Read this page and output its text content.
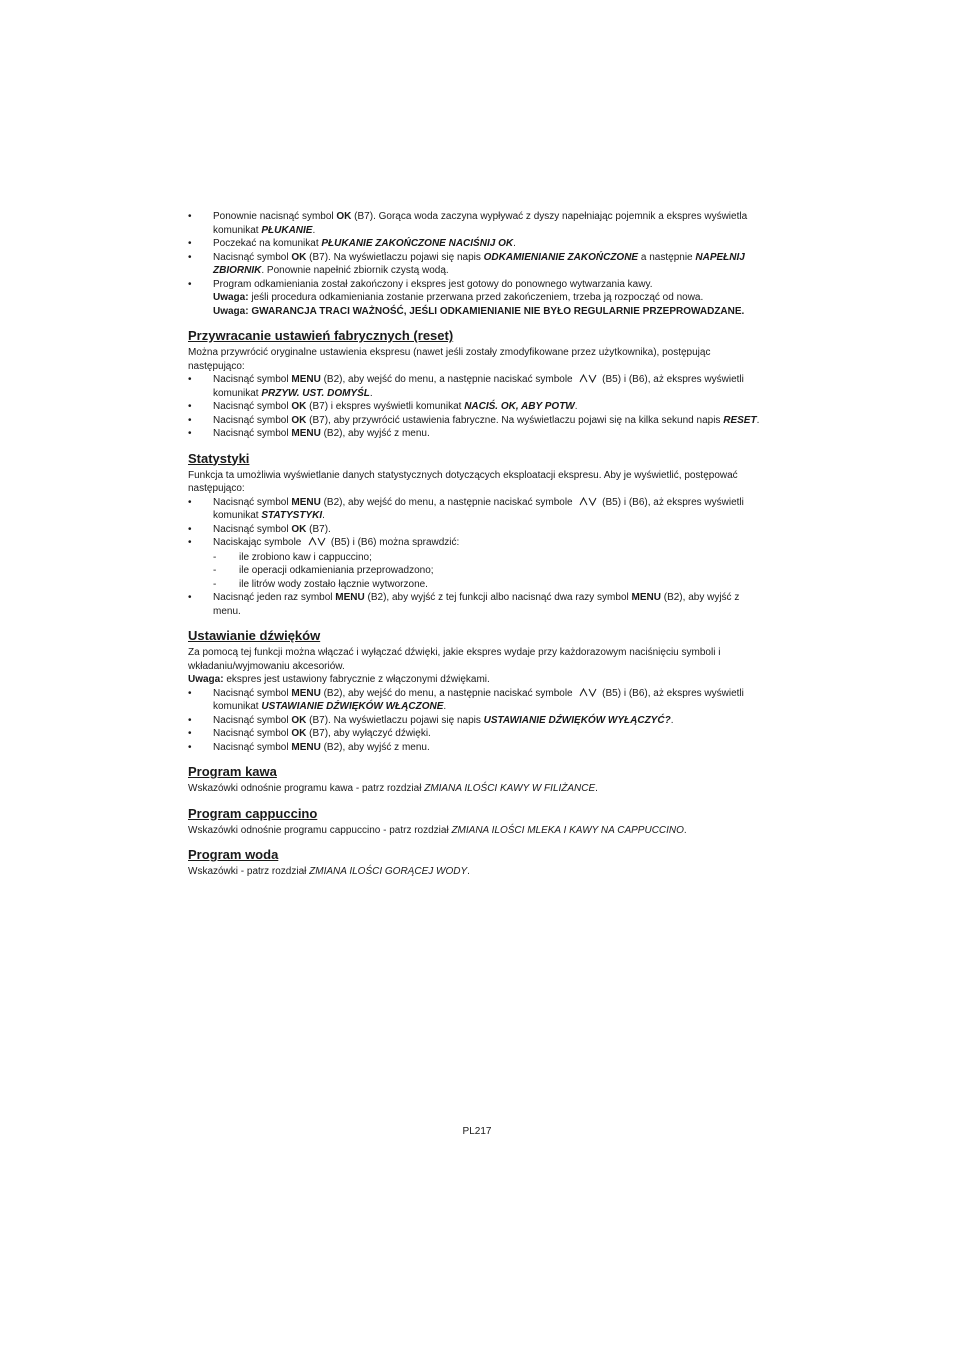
• Ponownie nacisnąć symbol OK (B7). Gorąca woda zaczyna wypływać z dyszy napełniając pojemnik a ekspres wyświetla komunikat PŁUKANIE.
• Poczekać na komunikat PŁUKANIE ZAKOŃCZONE NACIŚNIJ OK.
• Nacisnąć symbol OK (B7). Na wyświetlaczu pojawi się napis ODKAMIENIANIE ZAKOŃCZONE a następnie NAPEŁNIJ ZBIORNIK. Ponownie napełnić zbiornik czystą wodą.
• Program odkamieniania został zakończony i ekspres jest gotowy do ponownego wytwarzania kawy.
Uwaga: jeśli procedura odkamieniania zostanie przerwana przed zakończeniem, trzeba ją rozpocząć od nowa.
Uwaga: GWARANCJA TRACI WAŻNOŚĆ, JEŚLI ODKAMIENIANIE NIE BYŁO REGULARNIE PRZEPROWADZANE.
Przywracanie ustawień fabrycznych (reset)

Można przywrócić oryginalne ustawienia ekspresu (nawet jeśli zostały zmodyfikowane przez użytkownika), postępując następująco:

• Nacisnąć symbol MENU (B2), aby wejść do menu, a następnie naciskać symbole  (B5) i (B6), aż ekspres wyświetli komunikat PRZYW. UST. DOMYŚL.
• Nacisnąć symbol OK (B7) i ekspres wyświetli komunikat NACIŚ. OK, ABY POTW.
• Nacisnąć symbol OK (B7), aby przywrócić ustawienia fabryczne. Na wyświetlaczu pojawi się na kilka sekund napis RESET.
• Nacisnąć symbol MENU (B2), aby wyjść z menu.
Statystyki

Funkcja ta umożliwia wyświetlanie danych statystycznych dotyczących eksploatacji ekspresu. Aby je wyświetlić, postępować następująco:

• Nacisnąć symbol MENU (B2), aby wejść do menu, a następnie naciskać symbole  (B5) i (B6), aż ekspres wyświetli komunikat STATYSTYKI.
• Nacisnąć symbol OK (B7).
• Naciskając symbole  (B5) i (B6) można sprawdzić:
- ile zrobiono kaw i cappuccino;
- ile operacji odkamieniania przeprowadzono;
- ile litrów wody zostało łącznie wytworzone.
• Nacisnąć jeden raz symbol MENU (B2), aby wyjść z tej funkcji albo nacisnąć dwa razy symbol MENU (B2), aby wyjść z menu.
Ustawianie dźwięków

Za pomocą tej funkcji można włączać i wyłączać dźwięki, jakie ekspres wydaje przy każdorazowym naciśnięciu symboli i wkładaniu/wyjmowaniu akcesoriów.

Uwaga: ekspres jest ustawiony fabrycznie z włączonymi dźwiękami.

• Nacisnąć symbol MENU (B2), aby wejść do menu, a następnie naciskać symbole  (B5) i (B6), aż ekspres wyświetli komunikat USTAWIANIE DŹWIĘKÓW WŁĄCZONE.
• Nacisnąć symbol OK (B7). Na wyświetlaczu pojawi się napis USTAWIANIE DŹWIĘKÓW WYŁĄCZYĆ?.
• Nacisnąć symbol OK (B7), aby wyłączyć dźwięki.
• Nacisnąć symbol MENU (B2), aby wyjść z menu.
Program kawa

Wskazówki odnośnie programu kawa - patrz rozdział ZMIANA ILOŚCI KAWY W FILIŻANCE.

Program cappuccino

Wskazówki odnośnie programu cappuccino - patrz rozdział ZMIANA ILOŚCI MLEKA I KAWY NA CAPPUCCINO.

Program woda

Wskazówki - patrz rozdział ZMIANA ILOŚCI GORĄCEJ WODY.

PL217
